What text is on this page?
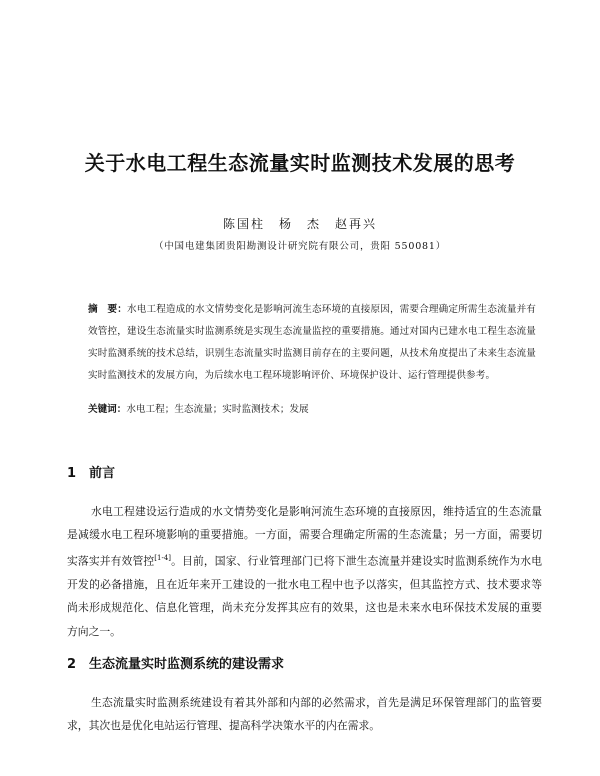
关于水电工程生态流量实时监测技术发展的思考
陈国柱　杨　杰　赵再兴
（中国电建集团贵阳勘测设计研究院有限公司，贵阳 550081）
摘　要：水电工程造成的水文情势变化是影响河流生态环境的直接原因，需要合理确定所需生态流量并有效管控，建设生态流量实时监测系统是实现生态流量监控的重要措施。通过对国内已建水电工程生态流量实时监测系统的技术总结，识别生态流量实时监测目前存在的主要问题，从技术角度提出了未来生态流量实时监测技术的发展方向，为后续水电工程环境影响评价、环境保护设计、运行管理提供参考。
关键词：水电工程；生态流量；实时监测技术；发展
1 前言
水电工程建设运行造成的水文情势变化是影响河流生态环境的直接原因，维持适宜的生态流量是减缓水电工程环境影响的重要措施。一方面，需要合理确定所需的生态流量；另一方面，需要切实落实并有效管控[1-4]。目前，国家、行业管理部门已将下泄生态流量并建设实时监测系统作为水电开发的必备措施，且在近年来开工建设的一批水电工程中也予以落实，但其监控方式、技术要求等尚未形成规范化、信息化管理，尚未充分发挥其应有的效果，这也是未来水电环保技术发展的重要方向之一。
2 生态流量实时监测系统的建设需求
生态流量实时监测系统建设有着其外部和内部的必然需求，首先是满足环保管理部门的监管要求，其次也是优化电站运行管理、提高科学决策水平的内在需求。
